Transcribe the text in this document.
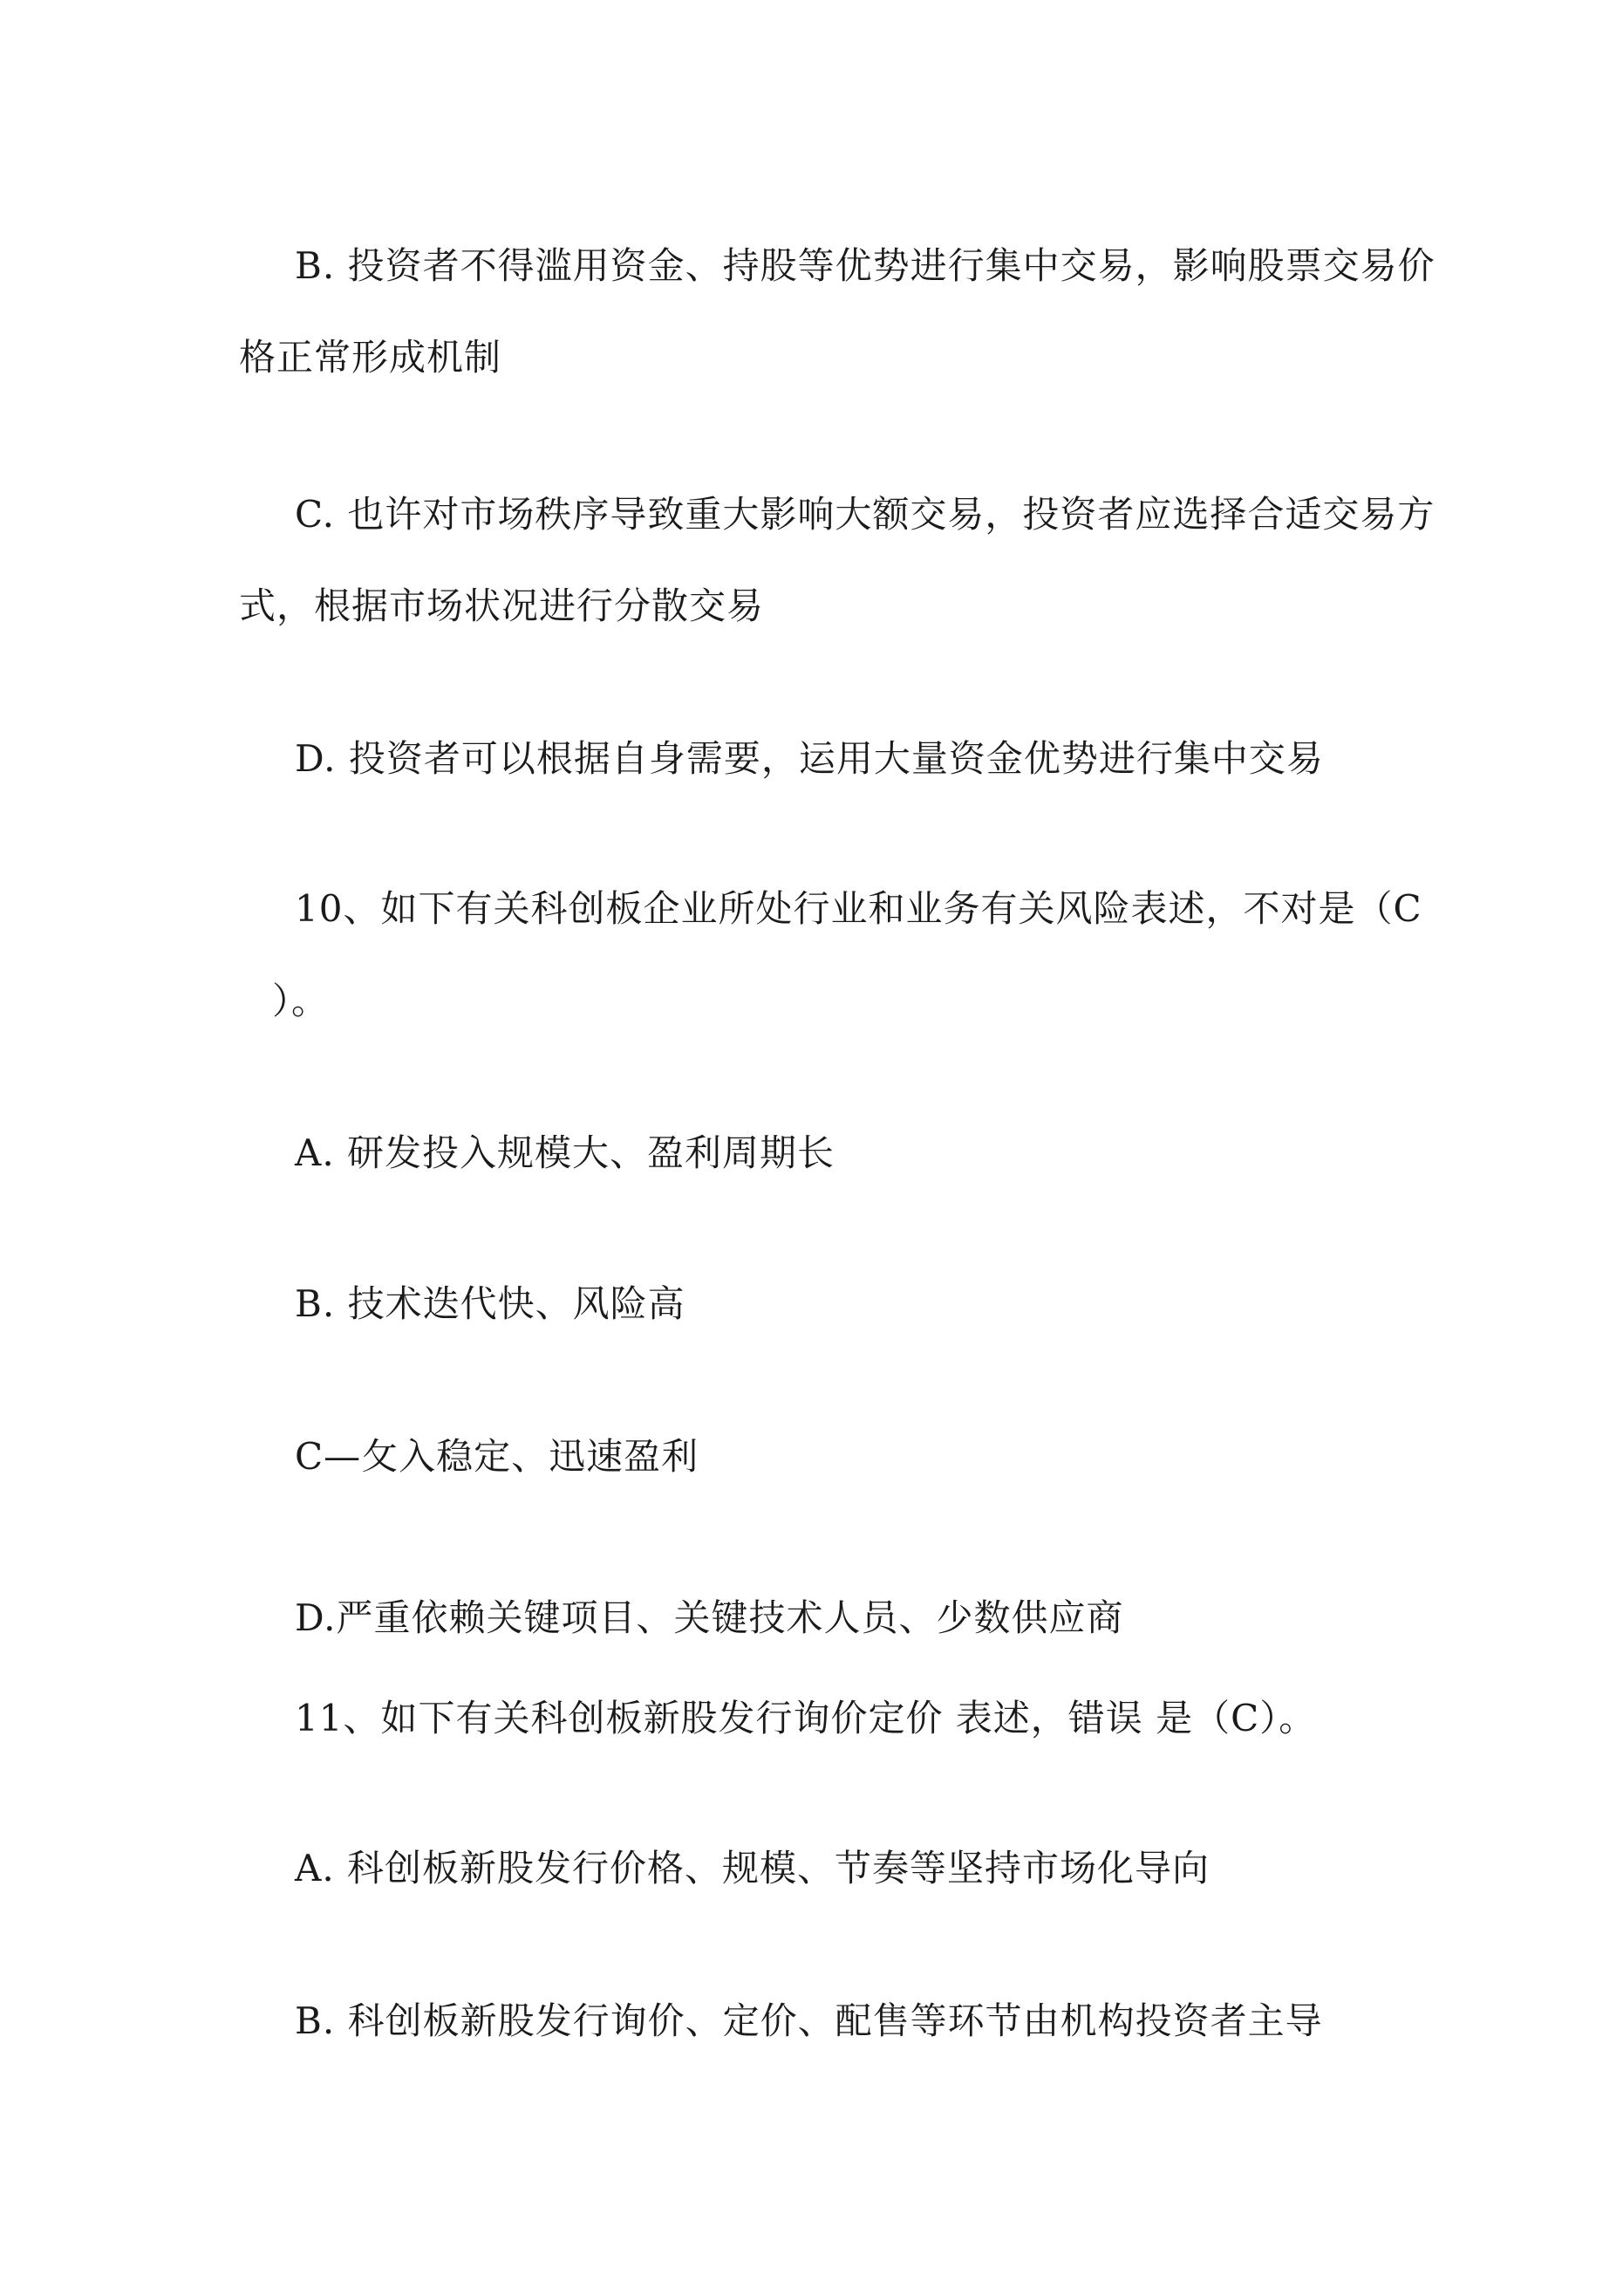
B. 投资者不得滥用资金、持股等优势进行集中交易，影响股票交易价
格正常形成机制
C. 也许对市场秩序导致重大影响大额交易，投资者应选择合适交易方
式，根据市场状况进行分散交易
D. 投资者可以根据自身需要，运用大量资金优势进行集中交易
10、如下有关科创板企业所处行业和业务有关风险表述，不对是（C
）。
A. 研发投入规模大、盈利周期长
B. 技术迭代快、风险高
C—攵入稳定、迅速盈利
D.严重依赖关键项目、关键技术人员、少数供应商
11、如下有关科创板新股发行询价定价 表述，错误 是（C）。
A. 科创板新股发行价格、规模、节奏等坚持市场化导向
B. 科创板新股发行询价、定价、配售等环节由机构投资者主导
